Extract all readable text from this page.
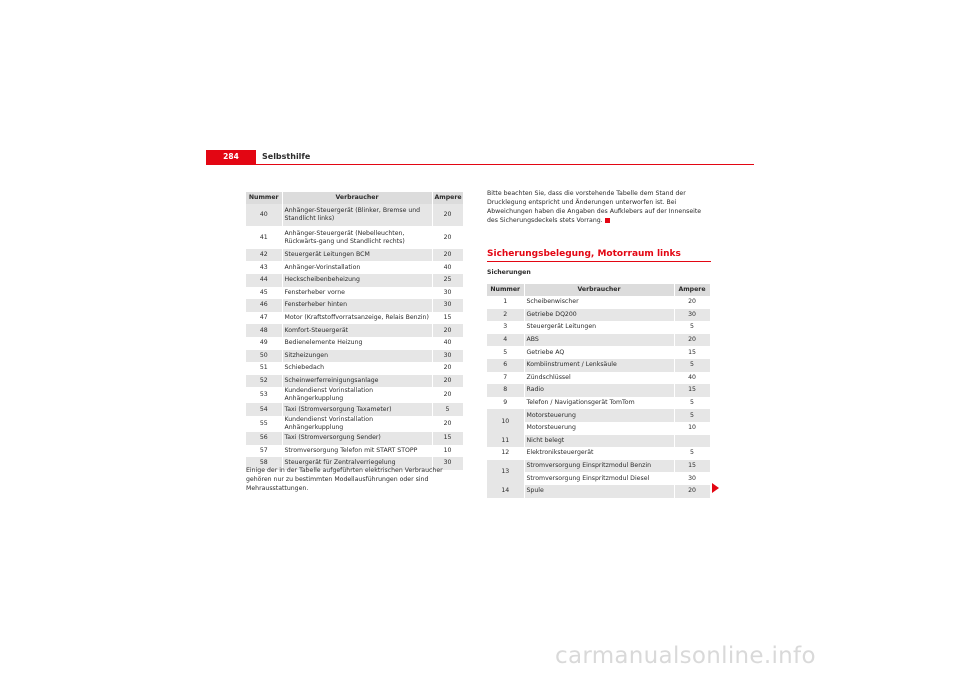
284	Selbsthilfe
Nummer	Verbraucher	Ampere
40	Anhänger-Steuergerät (Blinker, Bremse und Standlicht links)	20
41	Anhänger-Steuergerät (Nebelleuchten, Rückwärts-gang und Standlicht rechts)	20
42	Steuergerät Leitungen BCM	20
43	Anhänger-Vorinstallation	40
44	Heckscheibenbeheizung	25
45	Fensterheber vorne	30
46	Fensterheber hinten	30
47	Motor (Kraftstoffvorratsanzeige, Relais Benzin)	15
48	Komfort-Steuergerät	20
49	Bedienelemente Heizung	40
50	Sitzheizungen	30
51	Schiebedach	20
52	Scheinwerferreinigungsanlage	20
53	Kundendienst Vorinstallation Anhängerkupplung	20
54	Taxi (Stromversorgung Taxameter)	5
55	Kundendienst Vorinstallation Anhängerkupplung	20
56	Taxi (Stromversorgung Sender)	15
57	Stromversorgung Telefon mit START STOPP	10
58	Steuergerät für Zentralverriegelung	30
Einige der in der Tabelle aufgeführten elektrischen Verbraucher gehören nur zu bestimmten Modellausführungen oder sind Mehrausstattungen.
Bitte beachten Sie, dass die vorstehende Tabelle dem Stand der Drucklegung entspricht und Änderungen unterworfen ist. Bei Abweichungen haben die Angaben des Aufklebers auf der Innenseite des Sicherungsdeckels stets Vorrang.
Sicherungsbelegung, Motorraum links
Sicherungen
Nummer	Verbraucher	Ampere
1	Scheibenwischer	20
2	Getriebe DQ200	30
3	Steuergerät Leitungen	5
4	ABS	20
5	Getriebe AQ	15
6	Kombiinstrument / Lenksäule	5
7	Zündschlüssel	40
8	Radio	15
9	Telefon / Navigationsgerät TomTom	5
10	Motorsteuerung	5
	Motorsteuerung	10
11	Nicht belegt	
12	Elektroniksteuergerät	5
13	Stromversorgung Einspritzmodul Benzin	15
	Stromversorgung Einspritzmodul Diesel	30
14	Spule	20
carmanualsonline.info
